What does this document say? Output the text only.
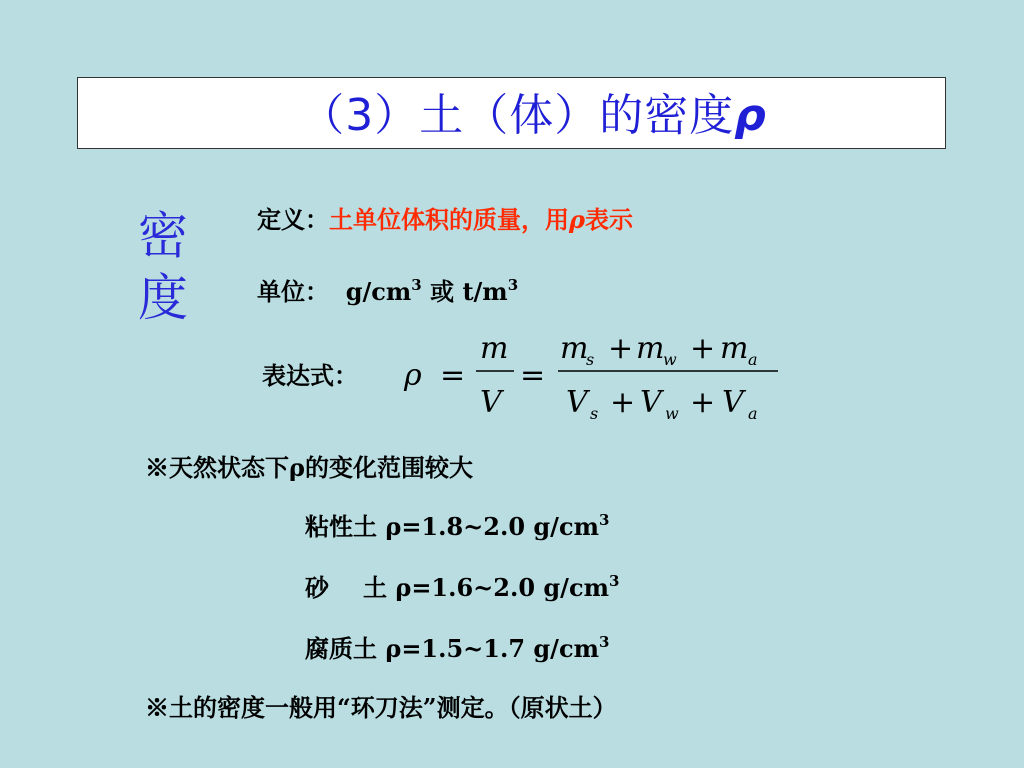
（3）土（体）的密度ρ
密
度
定义：土单位体积的质量，用ρ表示
单位： $g/cm^3$ 或 $t/m^3$
表达式： ρ =
m
V
=
m
s + m
w + m a
V s + V w + V a
※天然状态下ρ的变化范围较大
粘性土 ρ=1.8~2.0 $g/cm^3$
砂 土 ρ=1.6~2.0 $g/cm^3$
腐质土 ρ=1.5~1.7 $g/cm^3$
※土的密度一般用“环刀法”测定。（原状土）
